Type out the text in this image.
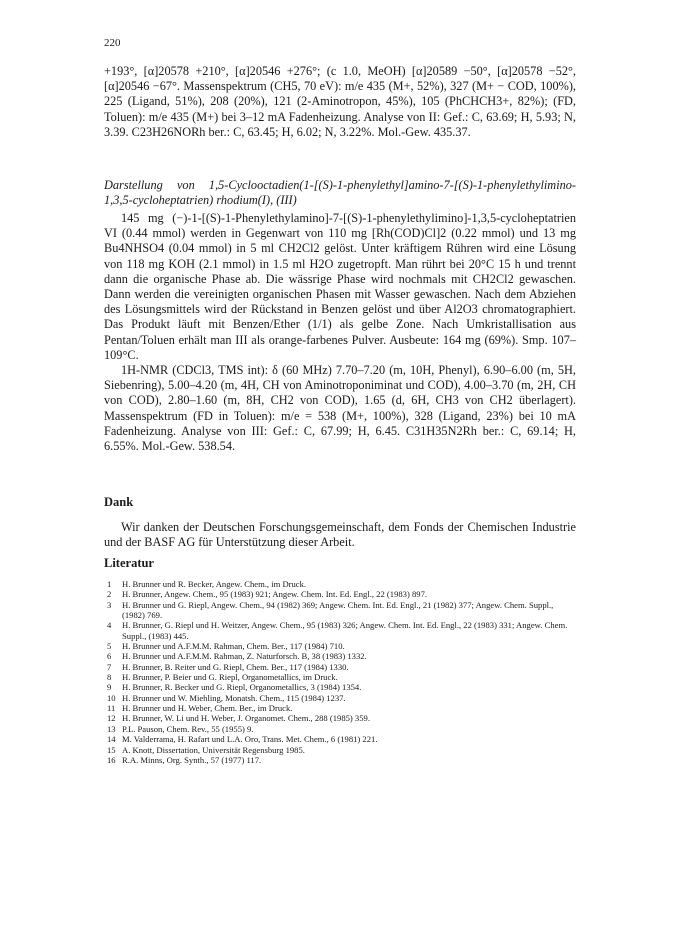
220

+193°, [α]20578 +210°, [α]20546 +276°; (c 1.0, MeOH) [α]20589 −50°, [α]20578 −52°, [α]20546 −67°. Massenspektrum (CH5, 70 eV): m/e 435 (M+, 52%), 327 (M+ − COD, 100%), 225 (Ligand, 51%), 208 (20%), 121 (2-Aminotropon, 45%), 105 (PhCHCH3+, 82%); (FD, Toluen): m/e 435 (M+) bei 3–12 mA Fadenheizung. Analyse von II: Gef.: C, 63.69; H, 5.93; N, 3.39. C23H26NORh ber.: C, 63.45; H, 6.02; N, 3.22%. Mol.-Gew. 435.37.

Darstellung von 1,5-Cyclooctadien(1-[(S)-1-phenylethyl]amino-7-[(S)-1-phenylethylimino-1,3,5-cycloheptatrien) rhodium(I), (III)

145 mg (−)-1-[(S)-1-Phenylethylamino]-7-[(S)-1-phenylethylimino]-1,3,5-cycloheptatrien VI (0.44 mmol) werden in Gegenwart von 110 mg [Rh(COD)Cl]2 (0.22 mmol) und 13 mg Bu4NHSO4 (0.04 mmol) in 5 ml CH2Cl2 gelöst. Unter kräftigem Rühren wird eine Lösung von 118 mg KOH (2.1 mmol) in 1.5 ml H2O zugetropft. Man rührt bei 20°C 15 h und trennt dann die organische Phase ab. Die wässrige Phase wird nochmals mit CH2Cl2 gewaschen. Dann werden die vereinigten organischen Phasen mit Wasser gewaschen. Nach dem Abziehen des Lösungsmittels wird der Rückstand in Benzen gelöst und über Al2O3 chromatographiert. Das Produkt läuft mit Benzen/Ether (1/1) als gelbe Zone. Nach Umkristallisation aus Pentan/Toluen erhält man III als orange-farbenes Pulver. Ausbeute: 164 mg (69%). Smp. 107–109°C.

1H-NMR (CDCl3, TMS int): δ (60 MHz) 7.70–7.20 (m, 10H, Phenyl), 6.90–6.00 (m, 5H, Siebenring), 5.00–4.20 (m, 4H, CH von Aminotroponiminat und COD), 4.00–3.70 (m, 2H, CH von COD), 2.80–1.60 (m, 8H, CH2 von COD), 1.65 (d, 6H, CH3 von CH2 überlagert). Massenspektrum (FD in Toluen): m/e = 538 (M+, 100%), 328 (Ligand, 23%) bei 10 mA Fadenheizung. Analyse von III: Gef.: C, 67.99; H, 6.45. C31H35N2Rh ber.: C, 69.14; H, 6.55%. Mol.-Gew. 538.54.

Dank

Wir danken der Deutschen Forschungsgemeinschaft, dem Fonds der Chemischen Industrie und der BASF AG für Unterstützung dieser Arbeit.

Literatur
1	H. Brunner und R. Becker, Angew. Chem., im Druck.
2	H. Brunner, Angew. Chem., 95 (1983) 921; Angew. Chem. Int. Ed. Engl., 22 (1983) 897.
3	H. Brunner und G. Riepl, Angew. Chem., 94 (1982) 369; Angew. Chem. Int. Ed. Engl., 21 (1982) 377; Angew. Chem. Suppl., (1982) 769.
4	H. Brunner, G. Riepl und H. Weitzer, Angew. Chem., 95 (1983) 326; Angew. Chem. Int. Ed. Engl., 22 (1983) 331; Angew. Chem. Suppl., (1983) 445.
5	H. Brunner und A.F.M.M. Rahman, Chem. Ber., 117 (1984) 710.
6	H. Brunner und A.F.M.M. Rahman, Z. Naturforsch. B, 38 (1983) 1332.
7	H. Brunner, B. Reiter und G. Riepl, Chem. Ber., 117 (1984) 1330.
8	H. Brunner, P. Beier und G. Riepl, Organometallics, im Druck.
9	H. Brunner, R. Becker und G. Riepl, Organometallics, 3 (1984) 1354.
10 H. Brunner und W. Miehling, Monatsh. Chem., 115 (1984) 1237.
11 H. Brunner und H. Weber, Chem. Ber., im Druck.
12 H. Brunner, W. Li und H. Weber, J. Organomet. Chem., 288 (1985) 359.
13 P.L. Pauson, Chem. Rev., 55 (1955) 9.
14 M. Valderrama, H. Rafart und L.A. Oro, Trans. Met. Chem., 6 (1981) 221.
15 A. Knott, Dissertation, Universität Regensburg 1985.
16 R.A. Minns, Org. Synth., 57 (1977) 117.
